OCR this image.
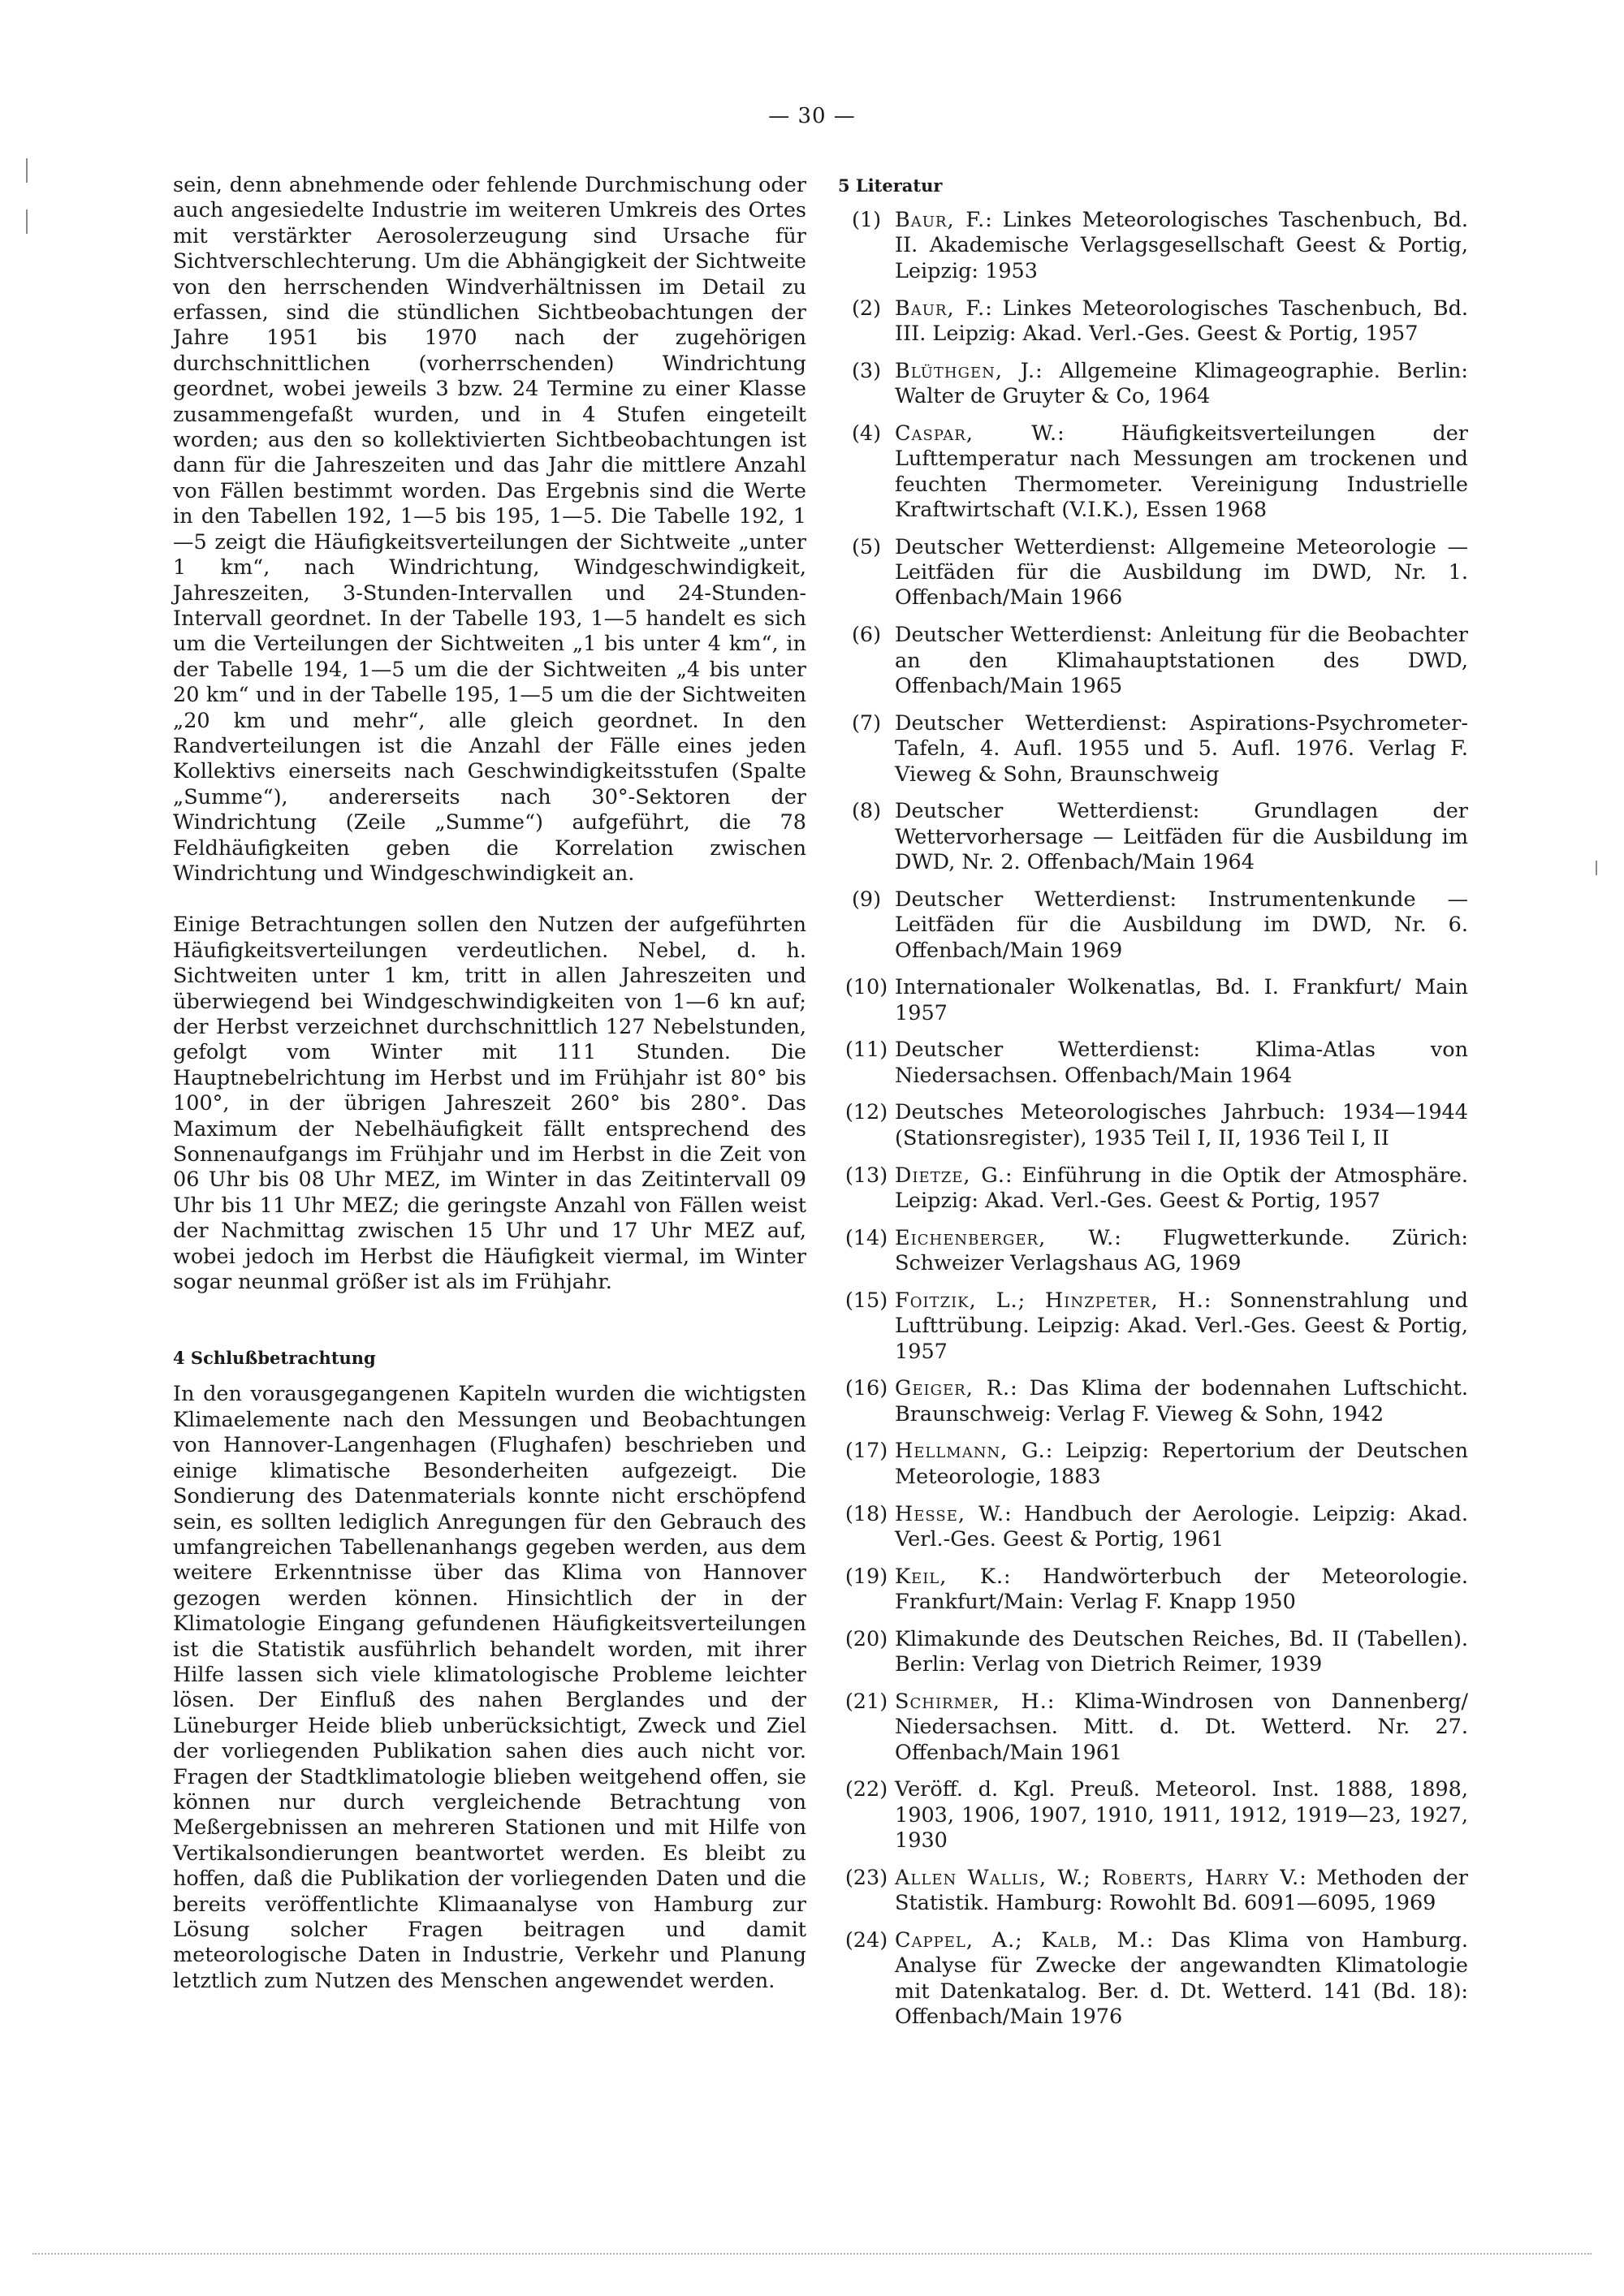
— 30 —

sein, denn abnehmende oder fehlende Durchmischung oder auch angesiedelte Industrie im weiteren Umkreis des Ortes mit verstärkter Aerosolerzeugung sind Ursache für Sichtverschlechterung. Um die Abhängigkeit der Sichtweite von den herrschenden Windverhältnissen im Detail zu erfassen, sind die stündlichen Sichtbeobachtungen der Jahre 1951 bis 1970 nach der zugehörigen durchschnittlichen (vorherrschenden) Windrichtung geordnet, wobei jeweils 3 bzw. 24 Termine zu einer Klasse zusammengefaßt wurden, und in 4 Stufen eingeteilt worden; aus den so kollektivierten Sichtbeobachtungen ist dann für die Jahreszeiten und das Jahr die mittlere Anzahl von Fällen bestimmt worden. Das Ergebnis sind die Werte in den Tabellen 192, 1—5 bis 195, 1—5. Die Tabelle 192, 1—5 zeigt die Häufigkeitsverteilungen der Sichtweite „unter 1 km“, nach Windrichtung, Windgeschwindigkeit, Jahreszeiten, 3-Stunden-Intervallen und 24-Stunden-Intervall geordnet. In der Tabelle 193, 1—5 handelt es sich um die Verteilungen der Sichtweiten „1 bis unter 4 km“, in der Tabelle 194, 1—5 um die der Sichtweiten „4 bis unter 20 km“ und in der Tabelle 195, 1—5 um die der Sichtweiten „20 km und mehr“, alle gleich geordnet. In den Randverteilungen ist die Anzahl der Fälle eines jeden Kollektivs einerseits nach Geschwindigkeitsstufen (Spalte „Summe“), andererseits nach 30°-Sektoren der Windrichtung (Zeile „Summe“) aufgeführt, die 78 Feldhäufigkeiten geben die Korrelation zwischen Windrichtung und Windgeschwindigkeit an.

Einige Betrachtungen sollen den Nutzen der aufgeführten Häufigkeitsverteilungen verdeutlichen. Nebel, d. h. Sichtweiten unter 1 km, tritt in allen Jahreszeiten und überwiegend bei Windgeschwindigkeiten von 1—6 kn auf; der Herbst verzeichnet durchschnittlich 127 Nebelstunden, gefolgt vom Winter mit 111 Stunden. Die Hauptnebelrichtung im Herbst und im Frühjahr ist 80° bis 100°, in der übrigen Jahreszeit 260° bis 280°. Das Maximum der Nebelhäufigkeit fällt entsprechend des Sonnenaufgangs im Frühjahr und im Herbst in die Zeit von 06 Uhr bis 08 Uhr MEZ, im Winter in das Zeitintervall 09 Uhr bis 11 Uhr MEZ; die geringste Anzahl von Fällen weist der Nachmittag zwischen 15 Uhr und 17 Uhr MEZ auf, wobei jedoch im Herbst die Häufigkeit viermal, im Winter sogar neunmal größer ist als im Frühjahr.

4 Schlußbetrachtung

In den vorausgegangenen Kapiteln wurden die wichtigsten Klimaelemente nach den Messungen und Beobachtungen von Hannover-Langenhagen (Flughafen) beschrieben und einige klimatische Besonderheiten aufgezeigt. Die Sondierung des Datenmaterials konnte nicht erschöpfend sein, es sollten lediglich Anregungen für den Gebrauch des umfangreichen Tabellenanhangs gegeben werden, aus dem weitere Erkenntnisse über das Klima von Hannover gezogen werden können. Hinsichtlich der in der Klimatologie Eingang gefundenen Häufigkeitsverteilungen ist die Statistik ausführlich behandelt worden, mit ihrer Hilfe lassen sich viele klimatologische Probleme leichter lösen. Der Einfluß des nahen Berglandes und der Lüneburger Heide blieb unberücksichtigt, Zweck und Ziel der vorliegenden Publikation sahen dies auch nicht vor. Fragen der Stadtklimatologie blieben weitgehend offen, sie können nur durch vergleichende Betrachtung von Meßergebnissen an mehreren Stationen und mit Hilfe von Vertikalsondierungen beantwortet werden. Es bleibt zu hoffen, daß die Publikation der vorliegenden Daten und die bereits veröffentlichte Klimaanalyse von Hamburg zur Lösung solcher Fragen beitragen und damit meteorologische Daten in Industrie, Verkehr und Planung letztlich zum Nutzen des Menschen angewendet werden.

5 Literatur
(1) Baur, F.: Linkes Meteorologisches Taschenbuch, Bd. II. Akademische Verlagsgesellschaft Geest & Portig, Leipzig: 1953
(2) Baur, F.: Linkes Meteorologisches Taschenbuch, Bd. III. Leipzig: Akad. Verl.-Ges. Geest & Portig, 1957
(3) Blüthgen, J.: Allgemeine Klimageographie. Berlin: Walter de Gruyter & Co, 1964
(4) Caspar, W.: Häufigkeitsverteilungen der Lufttemperatur nach Messungen am trockenen und feuchten Thermometer. Vereinigung Industrielle Kraftwirtschaft (V.I.K.), Essen 1968
(5) Deutscher Wetterdienst: Allgemeine Meteorologie — Leitfäden für die Ausbildung im DWD, Nr. 1. Offenbach/Main 1966
(6) Deutscher Wetterdienst: Anleitung für die Beobachter an den Klimahauptstationen des DWD, Offenbach/Main 1965
(7) Deutscher Wetterdienst: Aspirations-Psychrometer-Tafeln, 4. Aufl. 1955 und 5. Aufl. 1976. Verlag F. Vieweg & Sohn, Braunschweig
(8) Deutscher Wetterdienst: Grundlagen der Wettervorhersage — Leitfäden für die Ausbildung im DWD, Nr. 2. Offenbach/Main 1964
(9) Deutscher Wetterdienst: Instrumentenkunde — Leitfäden für die Ausbildung im DWD, Nr. 6. Offenbach/Main 1969
(10) Internationaler Wolkenatlas, Bd. I. Frankfurt/ Main 1957
(11) Deutscher Wetterdienst: Klima-Atlas von Niedersachsen. Offenbach/Main 1964
(12) Deutsches Meteorologisches Jahrbuch: 1934—1944 (Stationsregister), 1935 Teil I, II, 1936 Teil I, II
(13) Dietze, G.: Einführung in die Optik der Atmosphäre. Leipzig: Akad. Verl.-Ges. Geest & Portig, 1957
(14) Eichenberger, W.: Flugwetterkunde. Zürich: Schweizer Verlagshaus AG, 1969
(15) Foitzik, L.; Hinzpeter, H.: Sonnenstrahlung und Lufttrübung. Leipzig: Akad. Verl.-Ges. Geest & Portig, 1957
(16) Geiger, R.: Das Klima der bodennahen Luftschicht. Braunschweig: Verlag F. Vieweg & Sohn, 1942
(17) Hellmann, G.: Leipzig: Repertorium der Deutschen Meteorologie, 1883
(18) Hesse, W.: Handbuch der Aerologie. Leipzig: Akad. Verl.-Ges. Geest & Portig, 1961
(19) Keil, K.: Handwörterbuch der Meteorologie. Frankfurt/Main: Verlag F. Knapp 1950
(20) Klimakunde des Deutschen Reiches, Bd. II (Tabellen). Berlin: Verlag von Dietrich Reimer, 1939
(21) Schirmer, H.: Klima-Windrosen von Dannenberg/ Niedersachsen. Mitt. d. Dt. Wetterd. Nr. 27. Offenbach/Main 1961
(22) Veröff. d. Kgl. Preuß. Meteorol. Inst. 1888, 1898, 1903, 1906, 1907, 1910, 1911, 1912, 1919—23, 1927, 1930
(23) Allen Wallis, W.; Roberts, Harry V.: Methoden der Statistik. Hamburg: Rowohlt Bd. 6091—6095, 1969
(24) Cappel, A.; Kalb, M.: Das Klima von Hamburg. Analyse für Zwecke der angewandten Klimatologie mit Datenkatalog. Ber. d. Dt. Wetterd. 141 (Bd. 18): Offenbach/Main 1976
